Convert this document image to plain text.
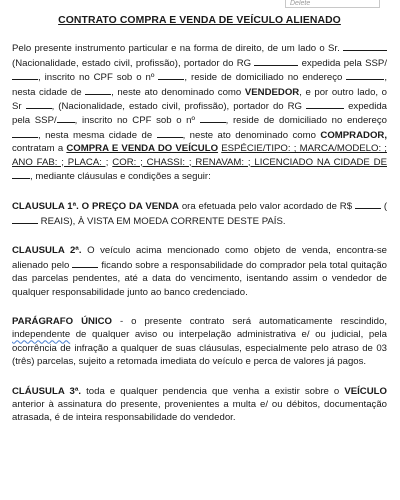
Delete
CONTRATO COMPRA E VENDA DE VEÍCULO ALIENADO

Pelo presente instrumento particular e na forma de direito, de um lado o Sr.  (Nacionalidade, estado civil, profissão), portador do RG	expedida pela SSP/, inscrito no CPF sob o nº	, reside de domiciliado no endereço	, nesta cidade de	, neste ato denominado como VENDEDOR, e por outro lado, o Sr	, (Nacionalidade, estado civil, profissão), portador do RG	expedida pela SSP/ , inscrito no CPF sob o nº	, reside de domiciliado no endereço , nesta mesma cidade de	, neste ato denominado como COMPRADOR, contratam a COMPRA E VENDA DO VEÍCULO ESPÉCIE/TIPO: ; MARCA/MODELO: ; ANO FAB: ; PLACA: ; COR: ; CHASSI: ; RENAVAM: ; LICENCIADO NA CIDADE DE , mediante cláusulas e condições a seguir:

CLAUSULA 1ª. O PREÇO DA VENDA ora efetuada pelo valor acordado de R$	( REAIS), À VISTA EM MOEDA CORRENTE DESTE PAÍS.

CLAUSULA 2ª. O veículo acima mencionado como objeto de venda, encontra-se alienado pelo	ficando sobre a responsabilidade do comprador pela total quitação das parcelas pendentes, até a data do vencimento, isentando assim o vendedor de qualquer responsabilidade junto ao banco credenciado.

PARÁGRAFO ÚNICO - o presente contrato será automaticamente rescindido, independente de qualquer aviso ou interpelação administrativa e/ ou judicial, pela ocorrência de infração a qualquer de suas cláusulas, especialmente pelo atraso de 03 (três) parcelas, sujeito a retomada imediata do veículo e perca de valores já pagos.

CLÁUSULA 3ª. toda e qualquer pendencia que venha a existir sobre o VEÍCULO anterior à assinatura do presente, provenientes a multa e/ ou débitos, documentação atrasada, é de inteira responsabilidade do vendedor.
